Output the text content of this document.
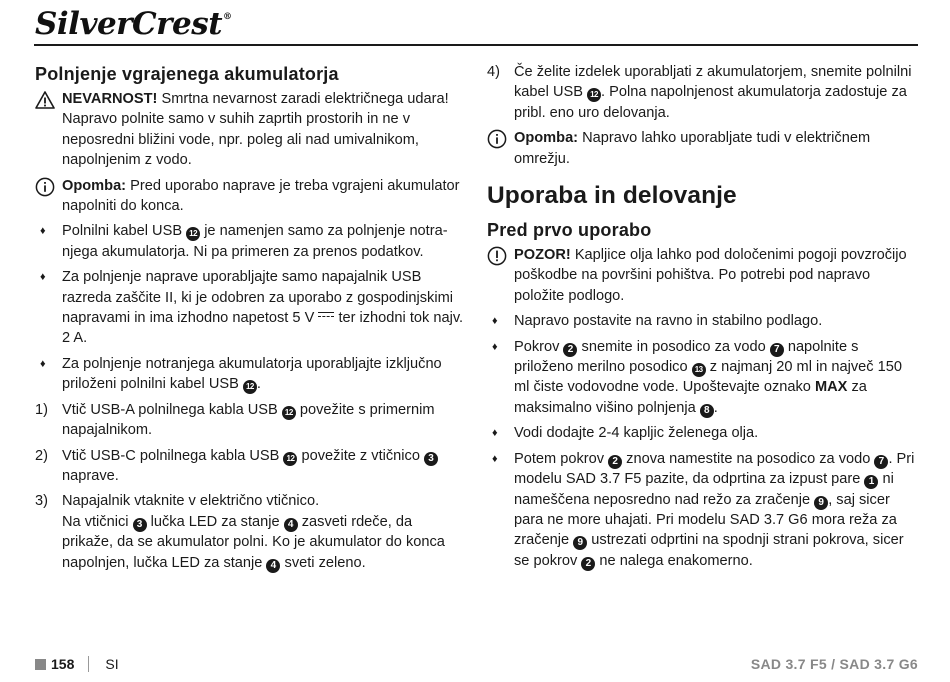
SilverCrest®
Polnjenje vgrajenega akumulatorja
NEVARNOST! Smrtna nevarnost zaradi električnega udara! Napravo polnite samo v suhih zaprtih prostorih in ne v neposredni bližini vode, npr. poleg ali nad umivalnikom, napolnjenim z vodo.
Opomba: Pred uporabo naprave je treba vgrajeni akumulator napolniti do konca.
♦	Polnilni kabel USB 12 je namenjen samo za polnjenje notra- njega akumulatorja. Ni pa primeren za prenos podatkov.
♦	Za polnjenje naprave uporabljajte samo napajalnik USB razreda zaščite II, ki je odobren za uporabo z gospodinjskimi napravami in ima izhodno napetost 5 V ter izhodni tok najv. 2 A.
♦	Za polnjenje notranjega akumulatorja uporabljajte izključno priloženi polnilni kabel USB 12 .
1) Vtič USB-A polnilnega kabla USB 12 povežite s primernim napajalnikom.
2) Vtič USB-C polnilnega kabla USB 12 povežite z vtičnico 3 naprave.
3) Napajalnik vtaknite v električno vtičnico.
Na vtičnici 3 lučka LED za stanje 4 zasveti rdeče, da prikaže, da se akumulator polni. Ko je akumulator do konca napolnjen, lučka LED za stanje 4 sveti zeleno.
4) Če želite izdelek uporabljati z akumulatorjem, snemite polnilni kabel USB 12 . Polna napolnjenost akumulatorja zadostuje za pribl. eno uro delovanja.
Opomba: Napravo lahko uporabljate tudi v električnem omrežju.
Uporaba in delovanje
Pred prvo uporabo
POZOR! Kapljice olja lahko pod določenimi pogoji povzročijo poškodbe na površini pohištva. Po potrebi pod napravo položite podlogo.
♦	Napravo postavite na ravno in stabilno podlago.
♦	Pokrov 2 snemite in posodico za vodo 7 napolnite s priloženo merilno posodico 13 z najmanj 20 ml in največ 150 ml čiste vodovodne vode. Upoštevajte oznako MAX za maksimalno višino polnjenja 8 .
♦	Vodi dodajte 2-4 kapljic želenega olja.
♦	Potem pokrov 2 znova namestite na posodico za vodo 7 . Pri modelu SAD 3.7 F5 pazite, da odprtina za izpust pare 1 ni nameščena neposredno nad režo za zračenje 9 , saj sicer para ne more uhajati. Pri modelu SAD 3.7 G6 mora reža za zračenje 9 ustrezati odprtini na spodnji strani pokrova, sicer se pokrov 2 ne nalega enakomerno.
158 SI	SAD 3.7 F5 / SAD 3.7 G6
